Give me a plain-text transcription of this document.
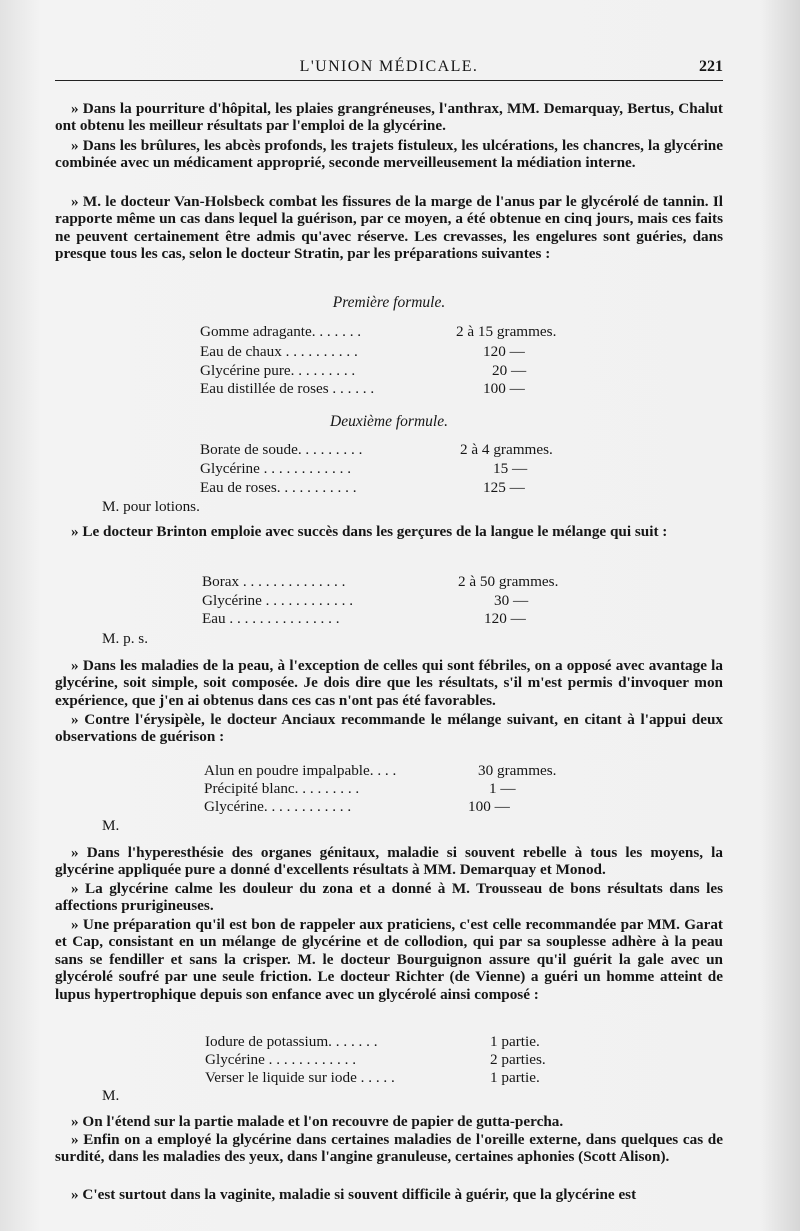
L'UNION MÉDICALE.	221

» Dans la pourriture d'hôpital, les plaies grangréneuses, l'anthrax, MM. Demarquay, Bertus, Chalut ont obtenu les meilleur résultats par l'emploi de la glycérine.

» Dans les brûlures, les abcès profonds, les trajets fistuleux, les ulcérations, les chancres, la glycérine combinée avec un médicament approprié, seconde merveilleusement la médiation interne.

» M. le docteur Van-Holsbeck combat les fissures de la marge de l'anus par le glycérolé de tannin. Il rapporte même un cas dans lequel la guérison, par ce moyen, a été obtenue en cinq jours, mais ces faits ne peuvent certainement être admis qu'avec réserve. Les crevasses, les engelures sont guéries, dans presque tous les cas, selon le docteur Stratin, par les préparations suivantes :

Première formule.
Gomme adragante. . . . . . .	2 à 15 grammes.
Eau de chaux . . . . . . . . . .	120 —
Glycérine pure. . . . . . . . .	20 —
Eau distillée de roses . . . . . .	100 —
Deuxième formule.
Borate de soude. . . . . . . . .	2 à 4 grammes.
Glycérine . . . . . . . . . . . .	15 —
Eau de roses. . . . . . . . . . .	125 —
M. pour lotions.

» Le docteur Brinton emploie avec succès dans les gerçures de la langue le mélange qui suit :

Borax . . . . . . . . . . . . . .	2 à 50 grammes.
Glycérine . . . . . . . . . . . .	30 —
Eau . . . . . . . . . . . . . . .	120 —
M. p. s.

» Dans les maladies de la peau, à l'exception de celles qui sont fébriles, on a opposé avec avantage la glycérine, soit simple, soit composée. Je dois dire que les résultats, s'il m'est permis d'invoquer mon expérience, que j'en ai obtenus dans ces cas n'ont pas été favorables.

» Contre l'érysipèle, le docteur Anciaux recommande le mélange suivant, en citant à l'appui deux observations de guérison :

Alun en poudre impalpable. . . .	30 grammes.
Précipité blanc. . . . . . . . .	1 —
Glycérine. . . . . . . . . . . .	100 —
M.

» Dans l'hyperesthésie des organes génitaux, maladie si souvent rebelle à tous les moyens, la glycérine appliquée pure a donné d'excellents résultats à MM. Demarquay et Monod.

» La glycérine calme les douleur du zona et a donné à M. Trousseau de bons résultats dans les affections prurigineuses.

» Une préparation qu'il est bon de rappeler aux praticiens, c'est celle recommandée par MM. Garat et Cap, consistant en un mélange de glycérine et de collodion, qui par sa souplesse adhère à la peau sans se fendiller et sans la crisper. M. le docteur Bourguignon assure qu'il guérit la gale avec un glycérolé soufré par une seule friction. Le docteur Richter (de Vienne) a guéri un homme atteint de lupus hypertrophique depuis son enfance avec un glycérolé ainsi composé :

Iodure de potassium. . . . . . .	1 partie.
Glycérine . . . . . . . . . . . .	2 parties.
Verser le liquide sur iode . . . . .	1 partie.
M.

» On l'étend sur la partie malade et l'on recouvre de papier de gutta-percha.

» Enfin on a employé la glycérine dans certaines maladies de l'oreille externe, dans quelques cas de surdité, dans les maladies des yeux, dans l'angine granuleuse, certaines aphonies (Scott Alison).

» C'est surtout dans la vaginite, maladie si souvent difficile à guérir, que la glycérine est
